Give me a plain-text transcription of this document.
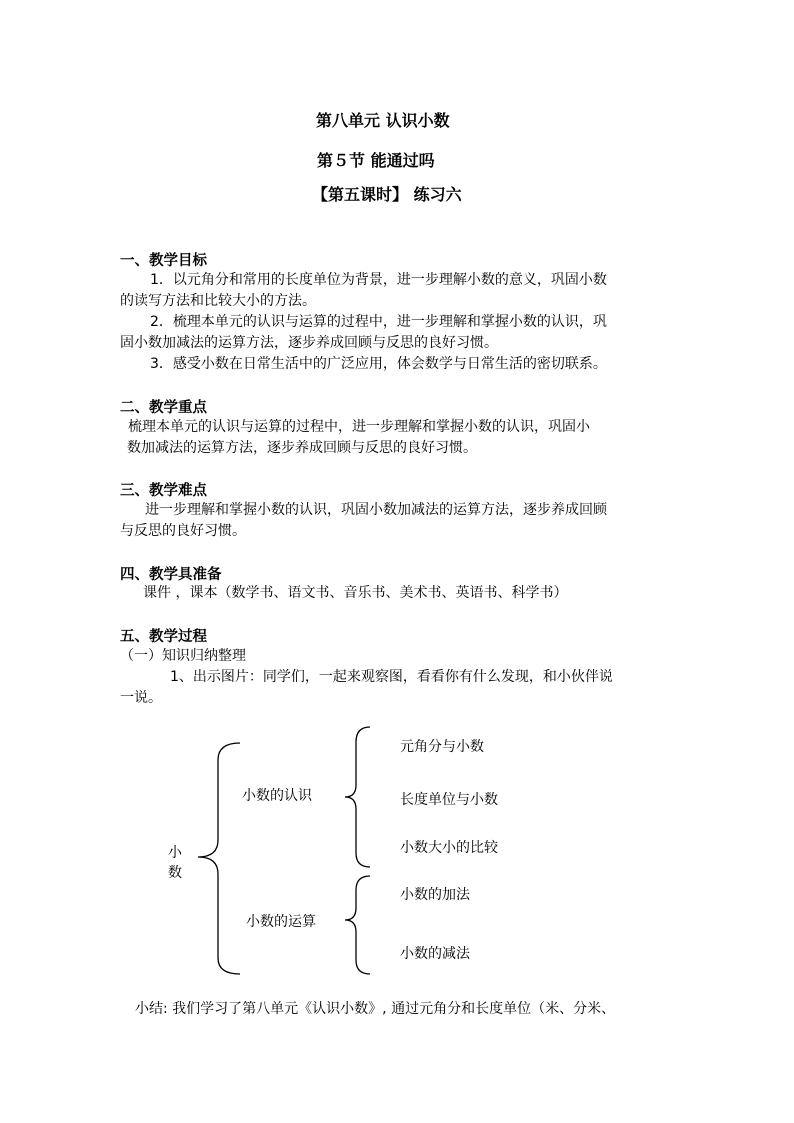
第八单元 认识小数
第５节 能通过吗
【第五课时】 练习六
一、教学目标
1．以元角分和常用的长度单位为背景，进一步理解小数的意义，巩固小数
的读写方法和比较大小的方法。
2．梳理本单元的认识与运算的过程中，进一步理解和掌握小数的认识，巩
固小数加减法的运算方法，逐步养成回顾与反思的良好习惯。
3．感受小数在日常生活中的广泛应用，体会数学与日常生活的密切联系。
二、教学重点
梳理本单元的认识与运算的过程中，进一步理解和掌握小数的认识，巩固小
数加减法的运算方法，逐步养成回顾与反思的良好习惯。
三、教学难点
进一步理解和掌握小数的认识，巩固小数加减法的运算方法，逐步养成回顾
与反思的良好习惯。
四、教学具准备
课件 ，课本（数学书、语文书、音乐书、美术书、英语书、科学书）
五、教学过程
（一）知识归纳整理
1、出示图片：同学们，一起来观察图，看看你有什么发现，和小伙伴说
一说。
小
数
小数的认识
元角分与小数
长度单位与小数
小数大小的比较
小数的运算
小数的加法
小数的减法
小结: 我们学习了第八单元《认识小数》, 通过元角分和长度单位（米、分米、
